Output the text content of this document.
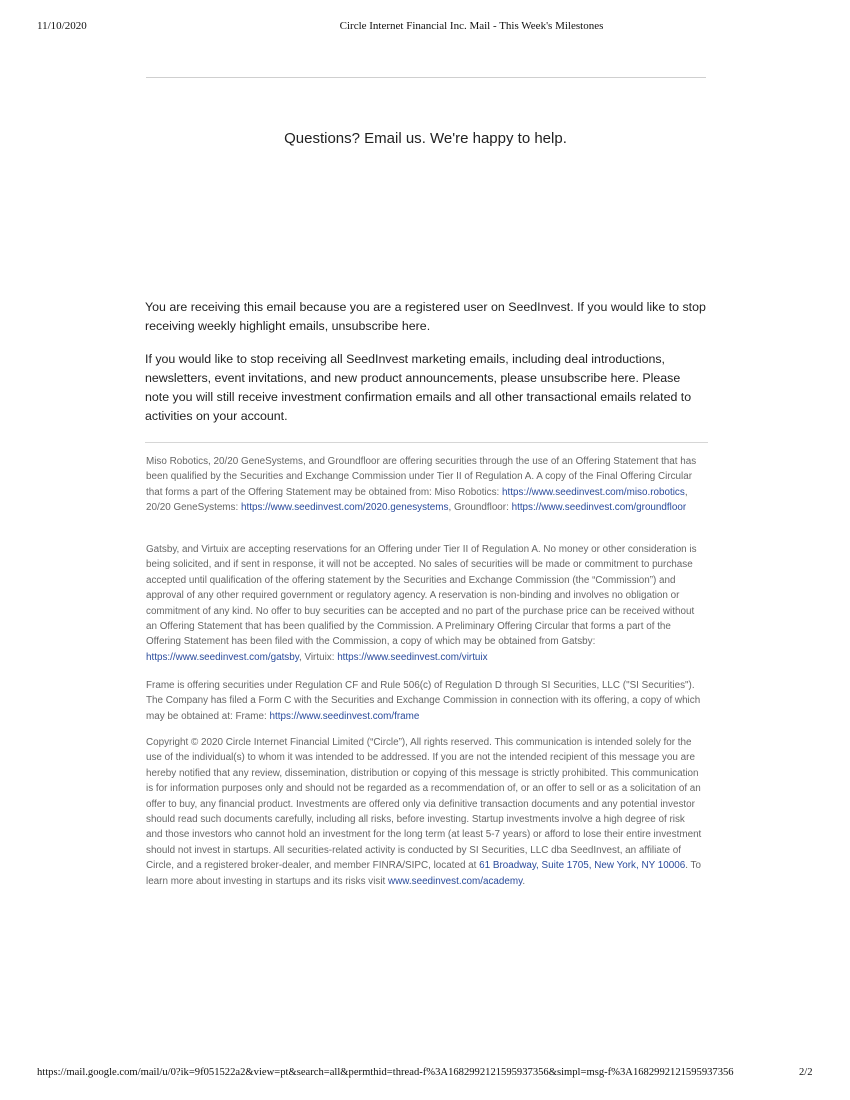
11/10/2020	Circle Internet Financial Inc. Mail - This Week's Milestones
Questions? Email us. We're happy to help.

You are receiving this email because you are a registered user on SeedInvest. If you would like to stop receiving weekly highlight emails, unsubscribe here.

If you would like to stop receiving all SeedInvest marketing emails, including deal introductions, newsletters, event invitations, and new product announcements, please unsubscribe here. Please note you will still receive investment confirmation emails and all other transactional emails related to activities on your account.

Miso Robotics, 20/20 GeneSystems, and Groundfloor are offering securities through the use of an Offering Statement that has been qualified by the Securities and Exchange Commission under Tier II of Regulation A. A copy of the Final Offering Circular that forms a part of the Offering Statement may be obtained from: Miso Robotics: https://www.seedinvest.com/miso.robotics, 20/20 GeneSystems: https://www.seedinvest.com/2020.genesystems, Groundfloor: https://www.seedinvest.com/groundfloor

Gatsby, and Virtuix are accepting reservations for an Offering under Tier II of Regulation A. No money or other consideration is being solicited, and if sent in response, it will not be accepted. No sales of securities will be made or commitment to purchase accepted until qualification of the offering statement by the Securities and Exchange Commission (the “Commission”) and approval of any other required government or regulatory agency. A reservation is non-binding and involves no obligation or commitment of any kind. No offer to buy securities can be accepted and no part of the purchase price can be received without an Offering Statement that has been qualified by the Commission. A Preliminary Offering Circular that forms a part of the Offering Statement has been filed with the Commission, a copy of which may be obtained from Gatsby: https://www.seedinvest.com/gatsby, Virtuix: https://www.seedinvest.com/virtuix

Frame is offering securities under Regulation CF and Rule 506(c) of Regulation D through SI Securities, LLC ("SI Securities"). The Company has filed a Form C with the Securities and Exchange Commission in connection with its offering, a copy of which may be obtained at: Frame: https://www.seedinvest.com/frame

Copyright © 2020 Circle Internet Financial Limited (“Circle”), All rights reserved. This communication is intended solely for the use of the individual(s) to whom it was intended to be addressed. If you are not the intended recipient of this message you are hereby notified that any review, dissemination, distribution or copying of this message is strictly prohibited. This communication is for information purposes only and should not be regarded as a recommendation of, or an offer to sell or as a solicitation of an offer to buy, any financial product. Investments are offered only via definitive transaction documents and any potential investor should read such documents carefully, including all risks, before investing. Startup investments involve a high degree of risk and those investors who cannot hold an investment for the long term (at least 5-7 years) or afford to lose their entire investment should not invest in startups. All securities-related activity is conducted by SI Securities, LLC dba SeedInvest, an affiliate of Circle, and a registered broker-dealer, and member FINRA/SIPC, located at 61 Broadway, Suite 1705, New York, NY 10006. To learn more about investing in startups and its risks visit www.seedinvest.com/academy.

https://mail.google.com/mail/u/0?ik=9f051522a2&view=pt&search=all&permthid=thread-f%3A1682992121595937356&simpl=msg-f%3A1682992121595937356	2/2
